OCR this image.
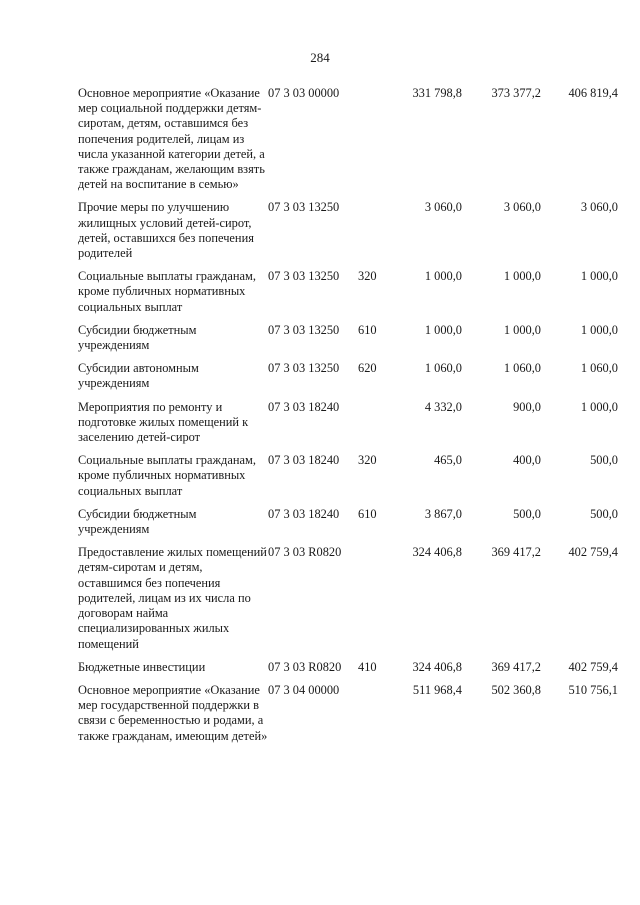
284
Основное мероприятие «Оказание мер социальной поддержки детям-сиротам, детям, оставшимся без попечения родителей, лицам из числа указанной категории детей, а также гражданам, желающим взять детей на воспитание в семью»	07 3 03 00000		331 798,8	373 377,2	406 819,4
Прочие меры по улучшению жилищных условий детей-сирот, детей, оставшихся без попечения родителей	07 3 03 13250		3 060,0	3 060,0	3 060,0
Социальные выплаты гражданам, кроме публичных нормативных социальных выплат	07 3 03 13250	320	1 000,0	1 000,0	1 000,0
Субсидии бюджетным учреждениям	07 3 03 13250	610	1 000,0	1 000,0	1 000,0
Субсидии автономным учреждениям	07 3 03 13250	620	1 060,0	1 060,0	1 060,0
Мероприятия по ремонту и подготовке жилых помещений к заселению детей-сирот	07 3 03 18240		4 332,0	900,0	1 000,0
Социальные выплаты гражданам, кроме публичных нормативных социальных выплат	07 3 03 18240	320	465,0	400,0	500,0
Субсидии бюджетным учреждениям	07 3 03 18240	610	3 867,0	500,0	500,0
Предоставление жилых помещений детям-сиротам и детям, оставшимся без попечения родителей, лицам из их числа по договорам найма специализированных жилых помещений	07 3 03 R0820		324 406,8	369 417,2	402 759,4
Бюджетные инвестиции	07 3 03 R0820	410	324 406,8	369 417,2	402 759,4
Основное мероприятие «Оказание мер государственной поддержки в связи с беременностью и родами, а также гражданам, имеющим детей»	07 3 04 00000		511 968,4	502 360,8	510 756,1
